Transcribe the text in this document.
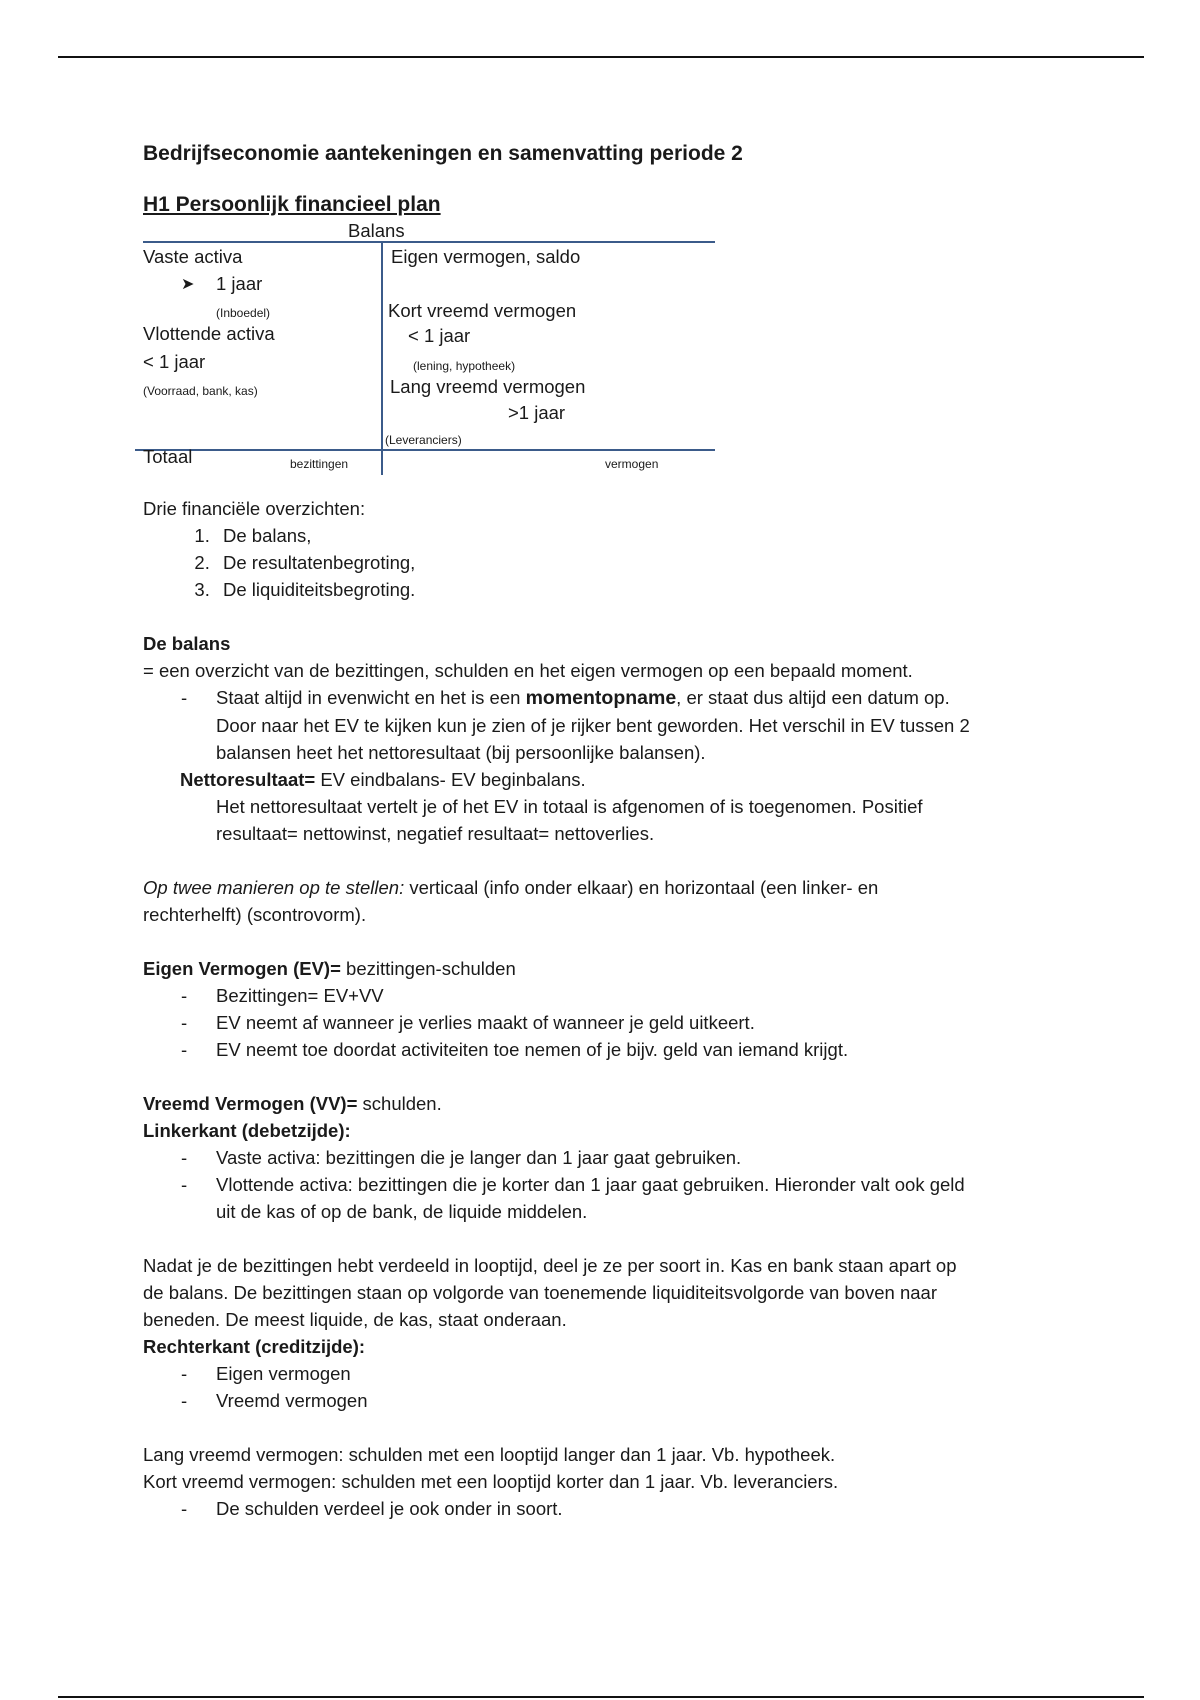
Bedrijfseconomie aantekeningen en samenvatting periode 2
H1 Persoonlijk financieel plan
Balans
Vaste activa
➤ 1 jaar
(Inboedel)
Vlottende activa
< 1 jaar
(Voorraad, bank, kas)
Totaal	bezittingen
Eigen vermogen, saldo
Kort vreemd vermogen
< 1 jaar
(lening, hypotheek)
Lang vreemd vermogen
>1 jaar
(Leveranciers)
vermogen

Drie financiële overzichten:

1. De balans,
2. De resultatenbegroting,
3. De liquiditeitsbegroting.

De balans

= een overzicht van de bezittingen, schulden en het eigen vermogen op een bepaald moment.

- Staat altijd in evenwicht en het is een momentopname, er staat dus altijd een datum op.

Door naar het EV te kijken kun je zien of je rijker bent geworden. Het verschil in EV tussen 2

balansen heet het nettoresultaat (bij persoonlijke balansen).

Nettoresultaat= EV eindbalans- EV beginbalans.

Het nettoresultaat vertelt je of het EV in totaal is afgenomen of is toegenomen. Positief

resultaat= nettowinst, negatief resultaat= nettoverlies.

Op twee manieren op te stellen: verticaal (info onder elkaar) en horizontaal (een linker- en

rechterhelft) (scontrovorm).

Eigen Vermogen (EV)= bezittingen-schulden

- Bezittingen= EV+VV
- EV neemt af wanneer je verlies maakt of wanneer je geld uitkeert.
- EV neemt toe doordat activiteiten toe nemen of je bijv. geld van iemand krijgt.

Vreemd Vermogen (VV)= schulden.

Linkerkant (debetzijde):

- Vaste activa: bezittingen die je langer dan 1 jaar gaat gebruiken.
- Vlottende activa: bezittingen die je korter dan 1 jaar gaat gebruiken. Hieronder valt ook geld

uit de kas of op de bank, de liquide middelen.

Nadat je de bezittingen hebt verdeeld in looptijd, deel je ze per soort in. Kas en bank staan apart op

de balans. De bezittingen staan op volgorde van toenemende liquiditeitsvolgorde van boven naar

beneden. De meest liquide, de kas, staat onderaan.

Rechterkant (creditzijde):

- Eigen vermogen
- Vreemd vermogen

Lang vreemd vermogen: schulden met een looptijd langer dan 1 jaar. Vb. hypotheek.

Kort vreemd vermogen: schulden met een looptijd korter dan 1 jaar. Vb. leveranciers.

- De schulden verdeel je ook onder in soort.
